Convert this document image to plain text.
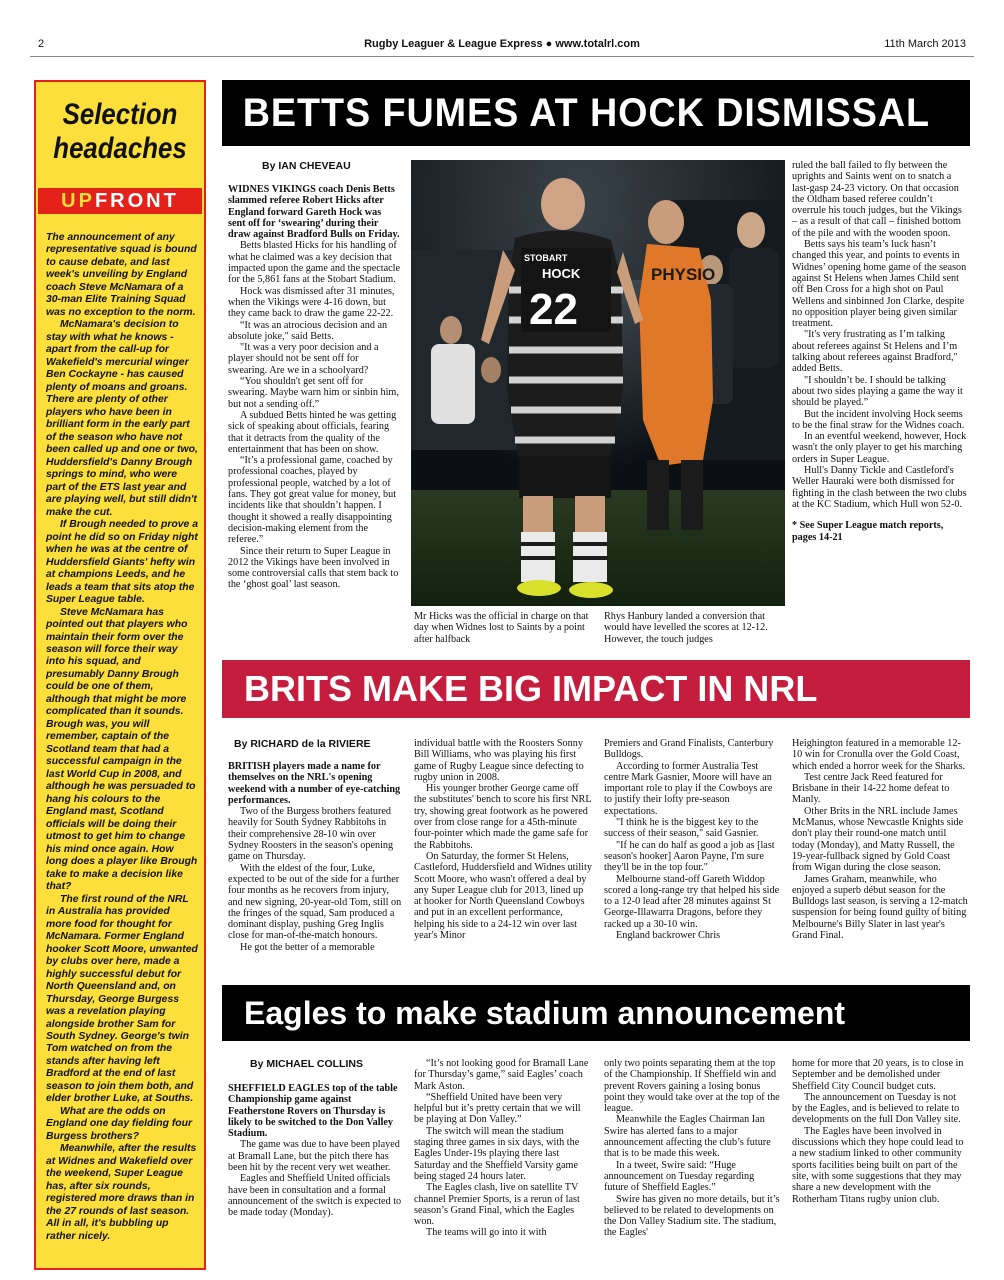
2	Rugby Leaguer & League Express ● www.totalrl.com	11th March 2013
Selection
headaches
UPFRONT

The announcement of any representative squad is bound to cause debate, and last week's unveiling by England coach Steve McNamara of a 30-man Elite Training Squad was no exception to the norm.

McNamara's decision to stay with what he knows - apart from the call-up for Wakefield's mercurial winger Ben Cockayne - has caused plenty of moans and groans. There are plenty of other players who have been in brilliant form in the early part of the season who have not been called up and one or two, Huddersfield's Danny Brough springs to mind, who were part of the ETS last year and are playing well, but still didn't make the cut.

If Brough needed to prove a point he did so on Friday night when he was at the centre of Huddersfield Giants' hefty win at champions Leeds, and he leads a team that sits atop the Super League table.

Steve McNamara has pointed out that players who maintain their form over the season will force their way into his squad, and presumably Danny Brough could be one of them, although that might be more complicated than it sounds. Brough was, you will remember, captain of the Scotland team that had a successful campaign in the last World Cup in 2008, and although he was persuaded to hang his colours to the England mast, Scotland officials will be doing their utmost to get him to change his mind once again. How long does a player like Brough take to make a decision like that?

The first round of the NRL in Australia has provided more food for thought for McNamara. Former England hooker Scott Moore, unwanted by clubs over here, made a highly successful debut for North Queensland and, on Thursday, George Burgess was a revelation playing alongside brother Sam for South Sydney. George's twin Tom watched on from the stands after having left Bradford at the end of last season to join them both, and elder brother Luke, at Souths.

What are the odds on England one day fielding four Burgess brothers?

Meanwhile, after the results at Widnes and Wakefield over the weekend, Super League has, after six rounds, registered more draws than in the 27 rounds of last season. All in all, it's bubbling up rather nicely.

BETTS FUMES AT HOCK DISMISSAL
By IAN CHEVEAU

WIDNES VIKINGS coach Denis Betts slammed referee Robert Hicks after England forward Gareth Hock was sent off for ‘swearing’ during their draw against Bradford Bulls on Friday.

Betts blasted Hicks for his handling of what he claimed was a key decision that impacted upon the game and the spectacle for the 5,861 fans at the Stobart Stadium.

Hock was dismissed after 31 minutes, when the Vikings were 4-16 down, but they came back to draw the game 22-22.

“It was an atrocious decision and an absolute joke," said Betts.

"It was a very poor decision and a player should not be sent off for swearing. Are we in a schoolyard?

“You shouldn't get sent off for swearing. Maybe warn him or sinbin him, but not a sending off.”

A subdued Betts hinted he was getting sick of speaking about officials, fearing that it detracts from the quality of the entertainment that has been on show.

“It’s a professional game, coached by professional coaches, played by professional people, watched by a lot of fans. They got great value for money, but incidents like that shouldn’t happen. I thought it showed a really disappointing decision-making element from the referee.”

Since their return to Super League in 2012 the Vikings have been involved in some controversial calls that stem back to the ‘ghost goal’ last season.

PHYSIO
STOBART
HOCK
22
Mr Hicks was the official in charge on that day when Widnes lost to Saints by a point after halfback
Rhys Hanbury landed a conversion that would have levelled the scores at 12-12. However, the touch judges

ruled the ball failed to fly between the uprights and Saints went on to snatch a last-gasp 24-23 victory. On that occasion the Oldham based referee couldn’t overrule his touch judges, but the Vikings – as a result of that call – finished bottom of the pile and with the wooden spoon.

Betts says his team’s luck hasn’t changed this year, and points to events in Widnes’ opening home game of the season against St Helens when James Child sent off Ben Cross for a high shot on Paul Wellens and sinbinned Jon Clarke, despite no opposition player being given similar treatment.

"It's very frustrating as I’m talking about referees against St Helens and I’m talking about referees against Bradford," added Betts.

"I shouldn’t be. I should be talking about two sides playing a game the way it should be played.”

But the incident involving Hock seems to be the final straw for the Widnes coach.

In an eventful weekend, however, Hock wasn't the only player to get his marching orders in Super League.

Hull's Danny Tickle and Castleford's Weller Hauraki were both dismissed for fighting in the clash between the two clubs at the KC Stadium, which Hull won 52-0.

* See Super League match reports, pages 14-21

BRITS MAKE BIG IMPACT IN NRL
By RICHARD de la RIVIERE

BRITISH players made a name for themselves on the NRL's opening weekend with a number of eye-catching performances.

Two of the Burgess brothers featured heavily for South Sydney Rabbitohs in their comprehensive 28-10 win over Sydney Roosters in the season's opening game on Thursday.

With the eldest of the four, Luke, expected to be out of the side for a further four months as he recovers from injury, and new signing, 20-year-old Tom, still on the fringes of the squad, Sam produced a dominant display, pushing Greg Inglis close for man-of-the-match honours.

He got the better of a memorable

individual battle with the Roosters Sonny Bill Williams, who was playing his first game of Rugby League since defecting to rugby union in 2008.

His younger brother George came off the substitutes' bench to score his first NRL try, showing great footwork as he powered over from close range for a 45th-minute four-pointer which made the game safe for the Rabbitohs.

On Saturday, the former St Helens, Castleford, Huddersfield and Widnes utility Scott Moore, who wasn't offered a deal by any Super League club for 2013, lined up at hooker for North Queensland Cowboys and put in an excellent performance, helping his side to a 24-12 win over last year's Minor

Premiers and Grand Finalists, Canterbury Bulldogs.

According to former Australia Test centre Mark Gasnier, Moore will have an important role to play if the Cowboys are to justify their lofty pre-season expectations.

"I think he is the biggest key to the success of their season," said Gasnier.

"If he can do half as good a job as [last season's hooker] Aaron Payne, I'm sure they'll be in the top four."

Melbourne stand-off Gareth Widdop scored a long-range try that helped his side to a 12-0 lead after 28 minutes against St George-Illawarra Dragons, before they racked up a 30-10 win.

England backrower Chris

Heighington featured in a memorable 12-10 win for Cronulla over the Gold Coast, which ended a horror week for the Sharks.

Test centre Jack Reed featured for Brisbane in their 14-22 home defeat to Manly.

Other Brits in the NRL include James McManus, whose Newcastle Knights side don't play their round-one match until today (Monday), and Matty Russell, the 19-year-fullback signed by Gold Coast from Wigan during the close season.

James Graham, meanwhile, who enjoyed a superb début season for the Bulldogs last season, is serving a 12-match suspension for being found guilty of biting Melbourne's Billy Slater in last year's Grand Final.

Eagles to make stadium announcement
By MICHAEL COLLINS

SHEFFIELD EAGLES top of the table Championship game against Featherstone Rovers on Thursday is likely to be switched to the Don Valley Stadium.

The game was due to have been played at Bramall Lane, but the pitch there has been hit by the recent very wet weather.

Eagles and Sheffield United officials have been in consultation and a formal announcement of the switch is expected to be made today (Monday).

“It’s not looking good for Bramall Lane for Thursday’s game,” said Eagles’ coach Mark Aston.

“Sheffield United have been very helpful but it’s pretty certain that we will be playing at Don Valley.”

The switch will mean the stadium staging three games in six days, with the Eagles Under-19s playing there last Saturday and the Sheffield Varsity game being staged 24 hours later.

The Eagles clash, live on satellite TV channel Premier Sports, is a rerun of last season’s Grand Final, which the Eagles won.

The teams will go into it with

only two points separating them at the top of the Championship. If Sheffield win and prevent Rovers gaining a losing bonus point they would take over at the top of the league.

Meanwhile the Eagles Chairman Ian Swire has alerted fans to a major announcement affecting the club’s future that is to be made this week.

In a tweet, Swire said: “Huge announcement on Tuesday regarding future of Sheffield Eagles.”

Swire has given no more details, but it’s believed to be related to developments on the Don Valley Stadium site. The stadium, the Eagles'

home for more that 20 years, is to close in September and be demolished under Sheffield City Council budget cuts.

The announcement on Tuesday is not by the Eagles, and is believed to relate to developments on the full Don Valley site.

The Eagles have been involved in discussions which they hope could lead to a new stadium linked to other community sports facilities being built on part of the site, with some suggestions that they may share a new development with the Rotherham Titans rugby union club.
